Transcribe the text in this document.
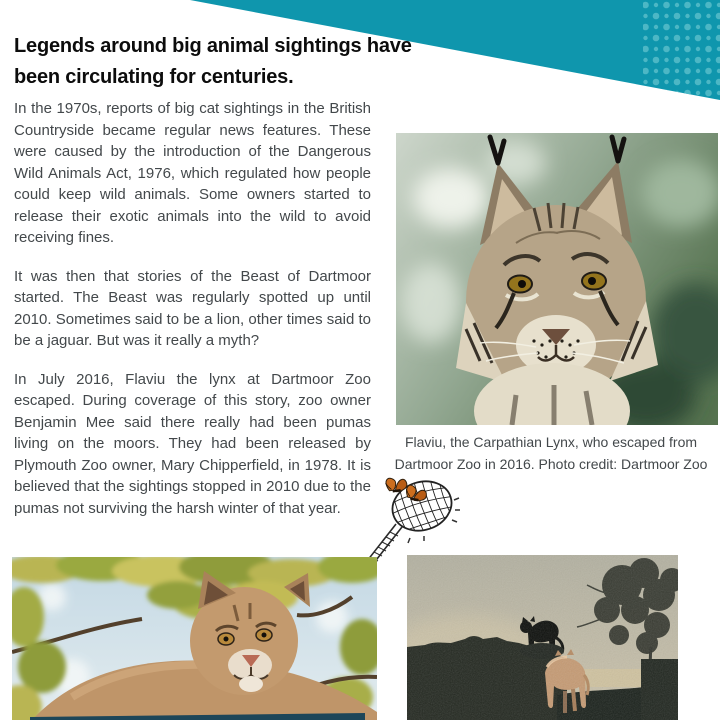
Legends around big animal sightings have been circulating for centuries.

In the 1970s, reports of big cat sightings in the British Countryside became regular news features. These were caused by the introduction of the Dangerous Wild Animals Act, 1976, which regulated how people could keep wild animals. Some owners started to release their exotic animals into the wild to avoid receiving fines.

It was then that stories of the Beast of Dartmoor started. The Beast was regularly spotted up until 2010. Sometimes said to be a lion, other times said to be a jaguar. But was it really a myth?

In July 2016, Flaviu the lynx at Dartmoor Zoo escaped. During coverage of this story, zoo owner Benjamin Mee said there really had been pumas living on the moors. They had been released by Plymouth Zoo owner, Mary Chipperfield, in 1978. It is believed that the sightings stopped in 2010 due to the pumas not surviving the harsh winter of that year.

Flaviu, the Carpathian Lynx, who escaped from Dartmoor Zoo in 2016. Photo credit: Dartmoor Zoo
